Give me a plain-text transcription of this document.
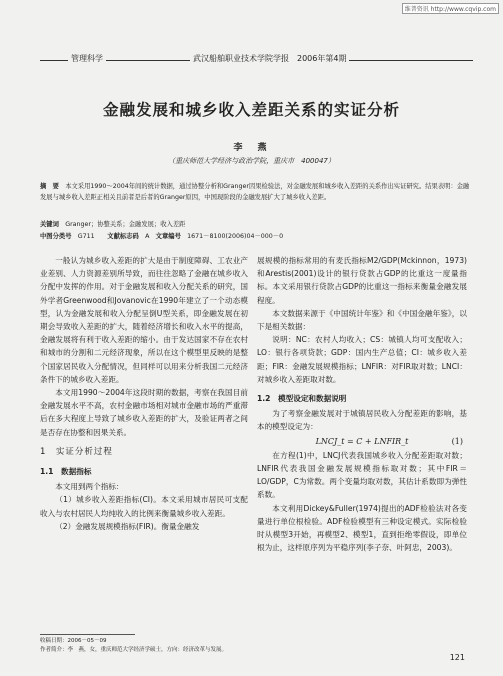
维普资讯 http://www.cqvip.com
管理科学	武汉船舶职业技术学院学报　2006年第4期
金融发展和城乡收入差距关系的实证分析
李　燕
（重庆师范大学经济与政治学院，重庆市　400047）
摘　要　 本文采用1990～2004年间的统计数据，通过协整分析和Granger因果检验法，对金融发展和城乡收入差距的关系作出实证研究。结果表明：金融发展与城乡收入差距正相关且前者是后者的Granger原因，中国现阶段的金融发展扩大了城乡收入差距。
关键词　 Granger；协整关系；金融发展；收入差距
中图分类号　 G711　　 文献标志码　 A　 文章编号　 1671－8100(2006)04－000－0

一般认为城乡收入差距的扩大是由于制度障碍、工农业产业差别、人力资源差别所导致，而往往忽略了金融在城乡收入分配中发挥的作用。对于金融发展和收入分配关系的研究，国外学者Greenwood和Jovanovic在1990年建立了一个动态模型，认为金融发展和收入分配呈倒U型关系，即金融发展在初期会导致收入差距的扩大，随着经济增长和收入水平的提高，金融发展将有利于收入差距的缩小。由于发达国家不存在农村和城市的分割和二元经济现象，所以在这个模型里反映的是整个国家居民收入分配情况，但同样可以用来分析我国二元经济条件下的城乡收入差距。

本文用1990～2004年这段时期的数据，考察在我国目前金融发展水平不高，农村金融市场相对城市金融市场的严重滞后在多大程度上导致了城乡收入差距的扩大，及验证两者之间是否存在协整和因果关系。

1　实证分析过程
1.1　数据指标

本文用到两个指标：

（1）城乡收入差距指标(CI)。本文采用城市居民可支配收入与农村居民人均纯收入的比例来衡量城乡收入差距。

（2）金融发展规模指标(FIR)。衡量金融发

展规模的指标常用的有麦氏指标M2/GDP(Mckinnon，1973)和Arestis(2001)设计的银行贷款占GDP的比重这一度量指标。本文采用银行贷款占GDP的比重这一指标来衡量金融发展程度。

本文数据来源于《中国统计年鉴》和《中国金融年鉴》，以下是相关数据：

说明：NC：农村人均收入；CS：城镇人均可支配收入；LO：银行各项贷款；GDP：国内生产总值；CI：城乡收入差距；FIR：金融发展规模指标；LNFIR：对FIR取对数；LNCI：对城乡收入差距取对数。

1.2　模型设定和数据说明

为了考察金融发展对于城镇居民收入分配差距的影响，基本的模型设定为：

LNCJ_t = C + LNFIR_t	(1)

在方程(1)中，LNCJ代表我国城乡收入分配差距取对数；LNFIR代表我国金融发展规模指标取对数；其中FIR＝LO/GDP，C为常数。两个变量均取对数，其估计系数即为弹性系数。

本文利用Dickey&Fuller(1974)提出的ADF检验法对各变量进行单位根检验。ADF检验模型有三种设定模式。实际检验时从模型3开始，再模型2、模型1，直到拒绝零假设，即单位根为止，这样原序列为平稳序列(李子奈、叶阿忠，2003)。

收稿日期：2006－05－09
作者简介：李　燕，女，重庆师范大学经济学硕士，方向：经济改革与发展。
121
